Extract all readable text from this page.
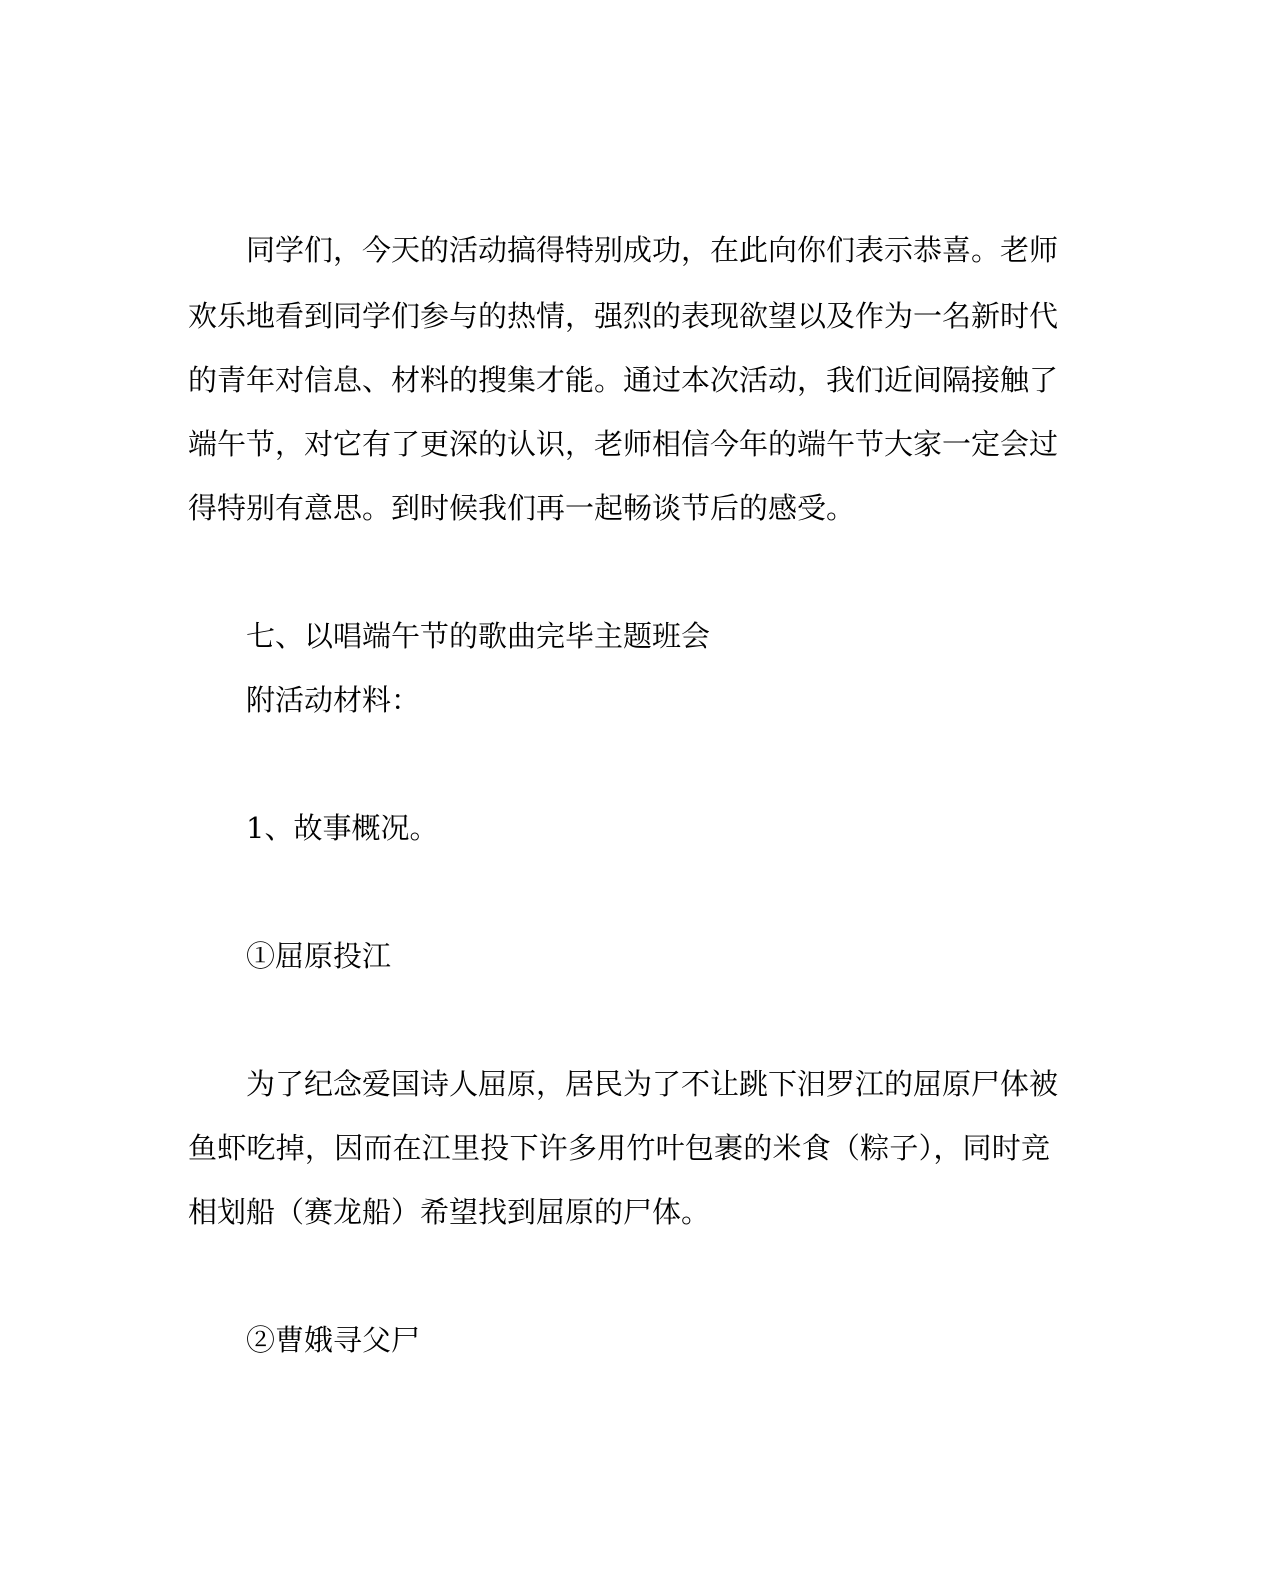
同学们，今天的活动搞得特别成功，在此向你们表示恭喜。老师

欢乐地看到同学们参与的热情，强烈的表现欲望以及作为一名新时代

的青年对信息、材料的搜集才能。通过本次活动，我们近间隔接触了

端午节，对它有了更深的认识，老师相信今年的端午节大家一定会过

得特别有意思。到时候我们再一起畅谈节后的感受。

七、以唱端午节的歌曲完毕主题班会

附活动材料：

1、故事概况。

①屈原投江

为了纪念爱国诗人屈原，居民为了不让跳下汨罗江的屈原尸体被

鱼虾吃掉，因而在江里投下许多用竹叶包裹的米食（粽子），同时竞

相划船（赛龙船）希望找到屈原的尸体。

②曹娥寻父尸
